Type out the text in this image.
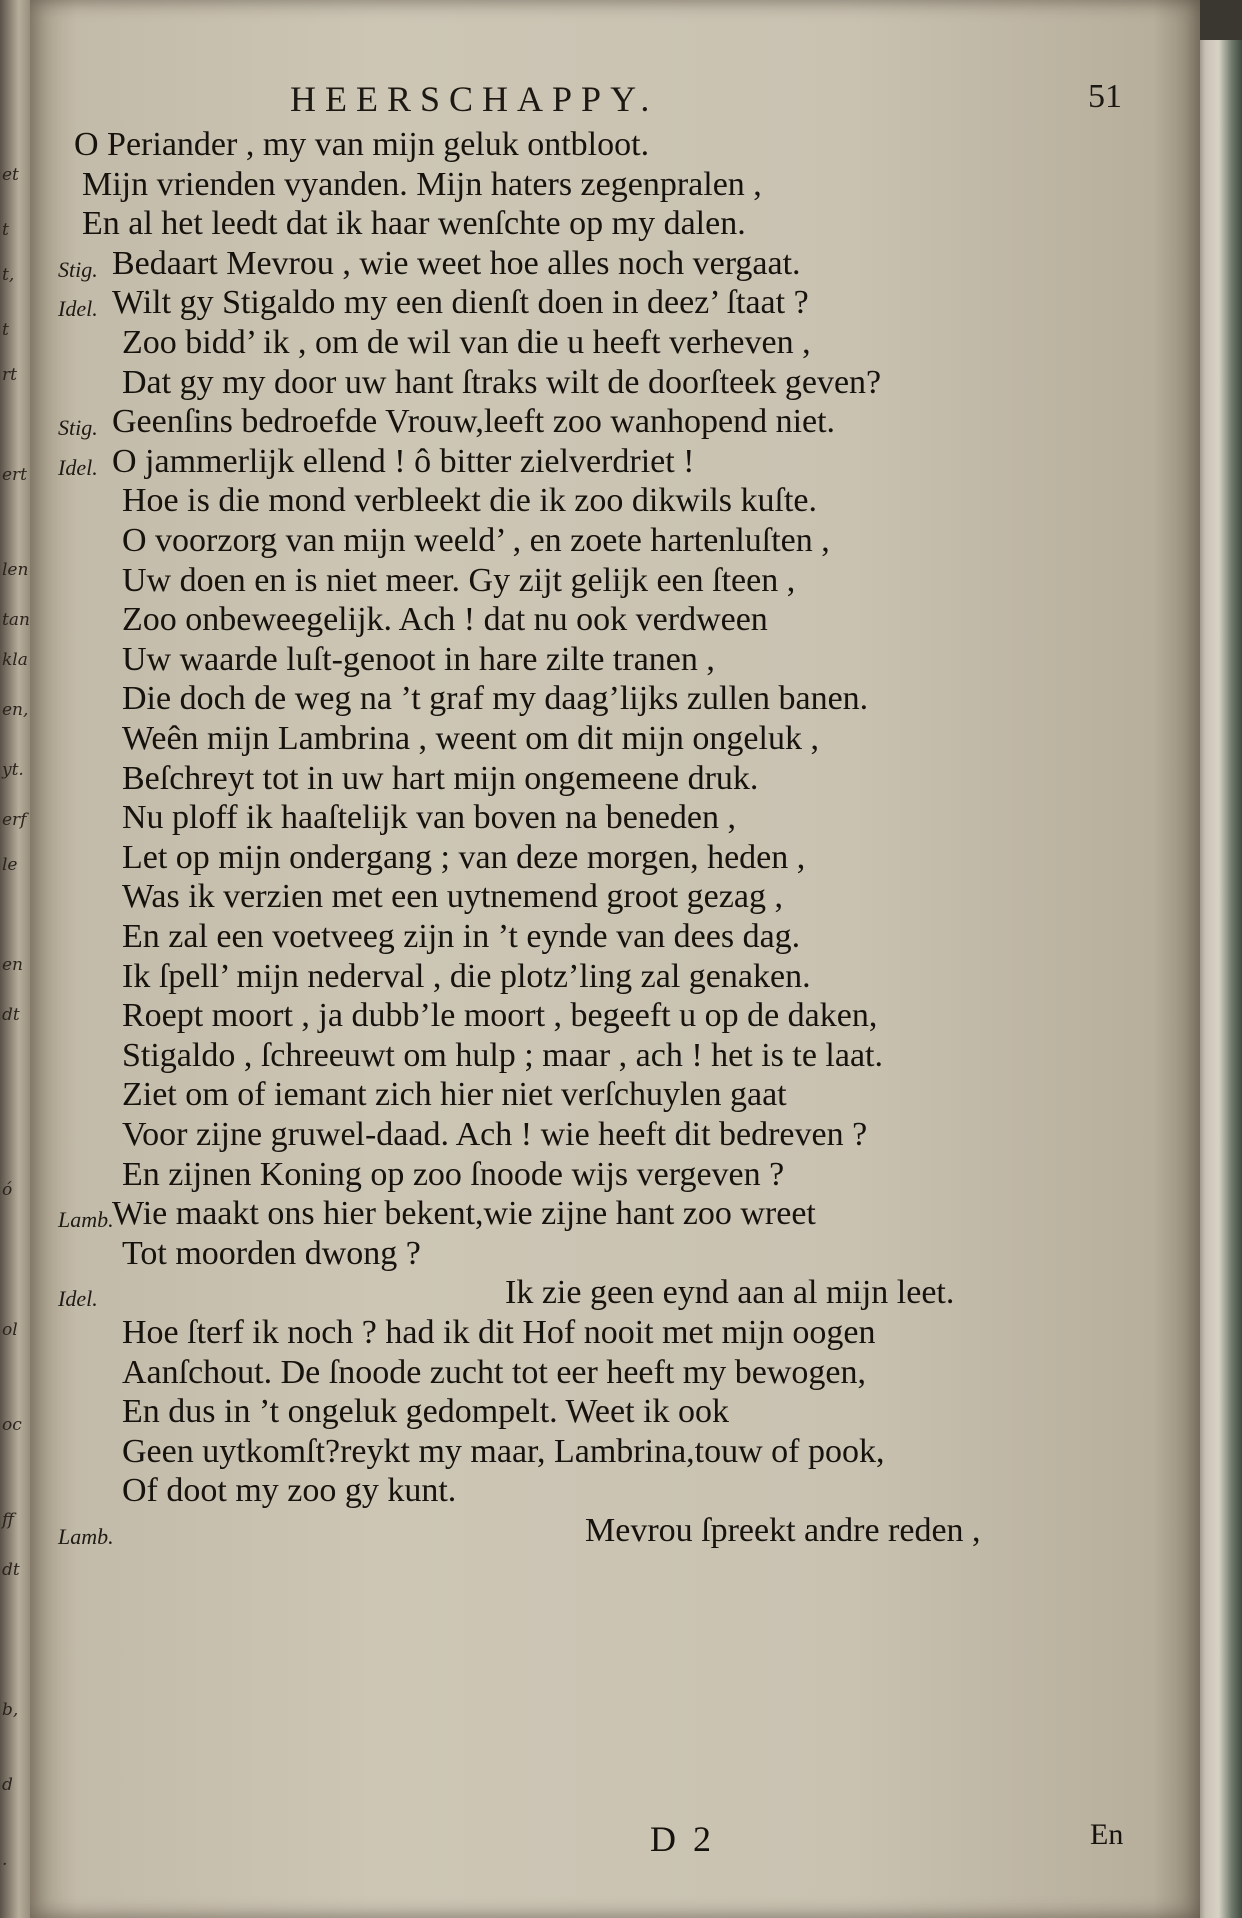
et
t
t,
t
rt
ert
len
tan
kla
en,
yt.
erf
le
en
dt
ó
ol
oc
ff
dt
b,
d
.
HEERSCHAPPY.	51
D 2	En
O Periander , my van mijn geluk ontbloot.
Mijn vrienden vyanden. Mijn haters zegenpralen ,
En al het leedt dat ik haar wenſchte op my dalen.
Stig. Bedaart Mevrou , wie weet hoe alles noch vergaat.
Idel. Wilt gy Stigaldo my een dienſt doen in deez’ ſtaat ?
Zoo bidd’ ik , om de wil van die u heeft verheven ,
Dat gy my door uw hant ſtraks wilt de doorſteek geven?
Stig. Geenſins bedroefde Vrouw,leeft zoo wanhopend niet.
Idel. O jammerlijk ellend ! ô bitter zielverdriet !
Hoe is die mond verbleekt die ik zoo dikwils kuſte.
O voorzorg van mijn weeld’ , en zoete hartenluſten ,
Uw doen en is niet meer. Gy zijt gelijk een ſteen ,
Zoo onbeweegelijk. Ach ! dat nu ook verdween
Uw waarde luſt-genoot in hare zilte tranen ,
Die doch de weg na ’t graf my daag’lijks zullen banen.
Weên mijn Lambrina , weent om dit mijn ongeluk ,
Beſchreyt tot in uw hart mijn ongemeene druk.
Nu ploff ik haaſtelijk van boven na beneden ,
Let op mijn ondergang ; van deze morgen, heden ,
Was ik verzien met een uytnemend groot gezag ,
En zal een voetveeg zijn in ’t eynde van dees dag.
Ik ſpell’ mijn nederval , die plotz’ling zal genaken.
Roept moort , ja dubb’le moort , begeeft u op de daken,
Stigaldo , ſchreeuwt om hulp ; maar , ach ! het is te laat.
Ziet om of iemant zich hier niet verſchuylen gaat
Voor zijne gruwel-daad. Ach ! wie heeft dit bedreven ?
En zijnen Koning op zoo ſnoode wijs vergeven ?
Lamb.
Wie maakt ons hier bekent,wie zijne hant zoo wreet
Tot moorden dwong ?
Idel.	Ik zie geen eynd aan al mijn leet.
Hoe ſterf ik noch ? had ik dit Hof nooit met mijn oogen
Aanſchout. De ſnoode zucht tot eer heeft my bewogen,
En dus in ’t ongeluk gedompelt. Weet ik ook
Geen uytkomſt?reykt my maar, Lambrina,touw of pook,
Of doot my zoo gy kunt.
Lamb.	Mevrou ſpreekt andre reden ,
